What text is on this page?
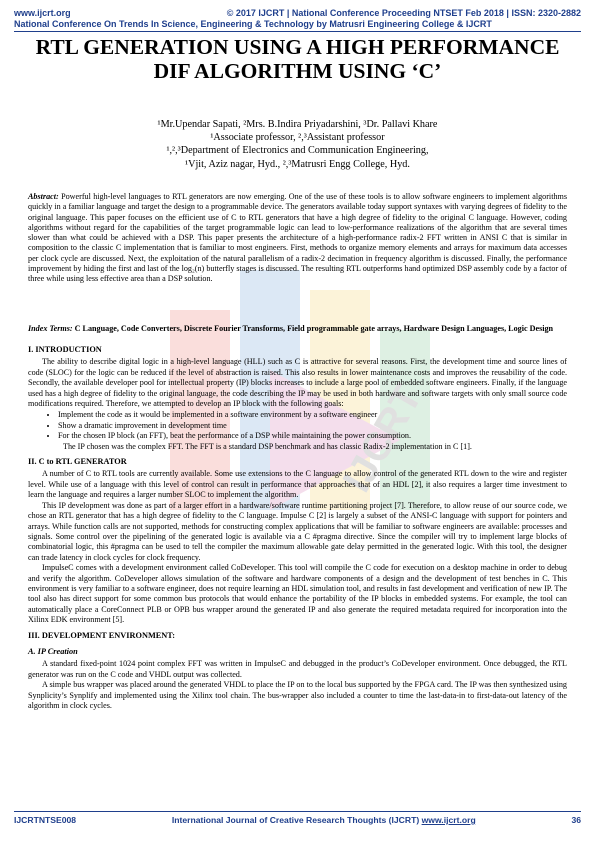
IJCRT
www.ijcrt.org	© 2017 IJCRT | National Conference Proceeding NTSET Feb 2018 | ISSN: 2320-2882
National Conference On Trends In Science, Engineering & Technology by Matrusri Engineering College & IJCRT
RTL GENERATION USING A HIGH PERFORMANCE DIF ALGORITHM USING ‘C’
¹Mr.Upendar Sapati, ²Mrs. B.Indira Priyadarshini, ³Dr. Pallavi Khare
¹Associate professor, ²,³Assistant professor
¹,²,³Department of Electronics and Communication Engineering,
¹Vjit, Aziz nagar, Hyd., ²,³Matrusri Engg College, Hyd.
Abstract: Powerful high-level languages to RTL generators are now emerging. One of the use of these tools is to allow software engineers to implement algorithms quickly in a familiar language and target the design to a programmable device. The generators available today support syntaxes with varying degrees of fidelity to the original language. This paper focuses on the efficient use of C to RTL generators that have a high degree of fidelity to the original C language. However, coding algorithms without regard for the capabilities of the target programmable logic can lead to low-performance realizations of the algorithm that are several times slower than what could be achieved with a DSP. This paper presents the architecture of a high-performance radix-2 FFT written in ANSI C that is similar in composition to the classic C implementation that is familiar to most engineers. First, methods to organize memory elements and arrays for maximum data accesses per clock cycle are discussed. Next, the exploitation of the natural parallelism of a radix-2 decimation in frequency algorithm is discussed. Finally, the performance improvement by hiding the first and last of the log₂(n) butterfly stages is discussed. The resulting RTL outperforms hand optimized DSP assembly code by a factor of three while using less effective area than a DSP solution.
Index Terms: C Language, Code Converters, Discrete Fourier Transforms, Field programmable gate arrays, Hardware Design Languages, Logic Design
I. INTRODUCTION

The ability to describe digital logic in a high-level language (HLL) such as C is attractive for several reasons. First, the development time and source lines of code (SLOC) for the logic can be reduced if the level of abstraction is raised. This also results in lower maintenance costs and improves the reusability of the code. Secondly, the available developer pool for intellectual property (IP) blocks increases to include a large pool of embedded software engineers. Finally, if the language used has a high degree of fidelity to the original language, the code describing the IP may be used in both hardware and software targets with only small source code modifications required. Therefore, we attempted to develop an IP block with the following goals:

• Implement the code as it would be implemented in a software environment by a software engineer
• Show a dramatic improvement in development time
• For the chosen IP block (an FFT), beat the performance of a DSP while maintaining the power consumption.
The IP chosen was the complex FFT. The FFT is a standard DSP benchmark and has classic Radix-2 implementation in C [1].
II. C to RTL GENERATOR

A number of C to RTL tools are currently available. Some use extensions to the C language to allow control of the generated RTL down to the wire and register level. While use of a language with this level of control can result in performance that approaches that of an HDL [2], it also requires a larger time investment to learn the language and requires a larger number SLOC to implement the algorithm.

This IP development was done as part of a larger effort in a hardware/software runtime partitioning project [7]. Therefore, to allow reuse of our source code, we chose an RTL generator that has a high degree of fidelity to the C language. Impulse C [2] is largely a subset of the ANSI-C language with support for pointers and arrays. While function calls are not supported, methods for constructing complex applications that will be familiar to software engineers are available: processes and signals. Some control over the pipelining of the generated logic is available via a C #pragma directive. Since the compiler will try to implement large blocks of combinatorial logic, this #pragma can be used to tell the compiler the maximum allowable gate delay permitted in the generated logic. With this tool, the designer can trade latency in clock cycles for clock frequency.

ImpulseC comes with a development environment called CoDeveloper. This tool will compile the C code for execution on a desktop machine in order to debug and verify the algorithm. CoDeveloper allows simulation of the software and hardware components of a design and the development of test benches in C. This environment is very familiar to a software engineer, does not require learning an HDL simulation tool, and results in fast development and verification of new IP. The tool also has direct support for some common bus protocols that would enhance the portability of the IP blocks in embedded systems. For example, the tool can automatically place a CoreConnect PLB or OPB bus wrapper around the generated IP and also generate the required metadata required for incorporation into the Xilinx EDK environment [5].

III. DEVELOPMENT ENVIRONMENT:
A. IP Creation

A standard fixed-point 1024 point complex FFT was written in ImpulseC and debugged in the product’s CoDeveloper environment. Once debugged, the RTL generator was run on the C code and VHDL output was collected.

A simple bus wrapper was placed around the generated VHDL to place the IP on to the local bus supported by the FPGA card. The IP was then synthesized using Synplicity’s Synplify and implemented using the Xilinx tool chain. The bus-wrapper also included a counter to time the last-data-in to first-data-out latency of the algorithm in clock cycles.

IJCRTNTSE008	International Journal of Creative Research Thoughts (IJCRT) www.ijcrt.org	36
